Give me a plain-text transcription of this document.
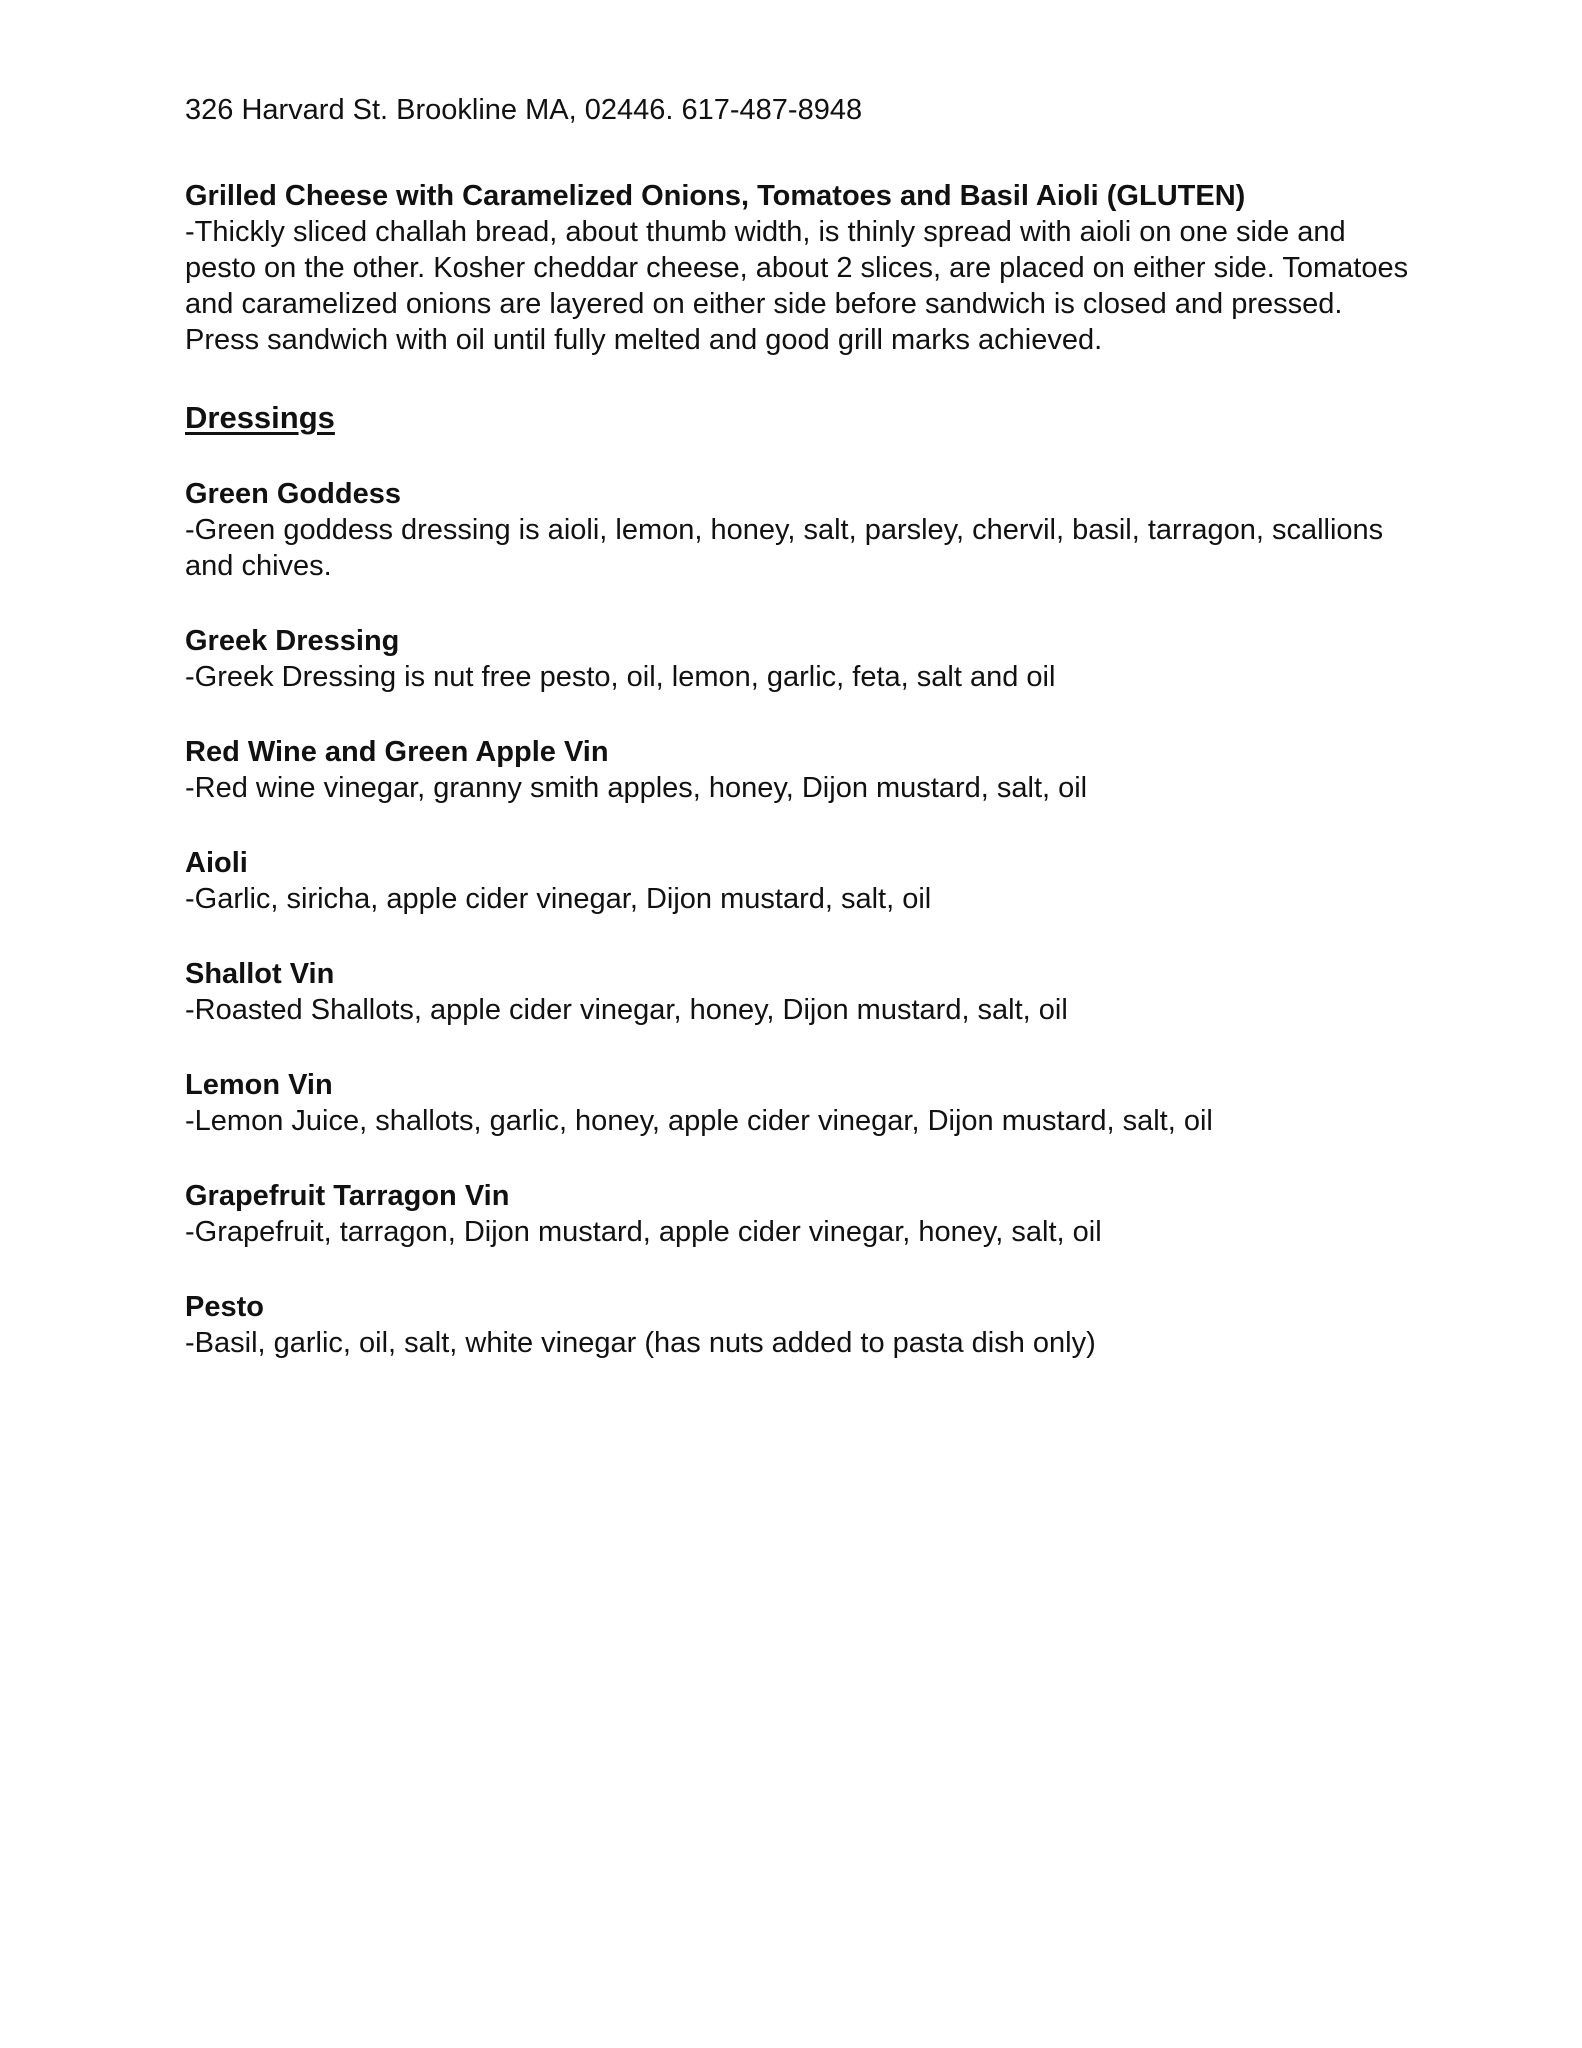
326 Harvard St. Brookline MA, 02446. 617-487-8948

Grilled Cheese with Caramelized Onions, Tomatoes and Basil Aioli (GLUTEN)

-Thickly sliced challah bread, about thumb width, is thinly spread with aioli on one side and pesto on the other. Kosher cheddar cheese, about 2 slices, are placed on either side. Tomatoes and caramelized onions are layered on either side before sandwich is closed and pressed. Press sandwich with oil until fully melted and good grill marks achieved.

Dressings

Green Goddess

-Green goddess dressing is aioli, lemon, honey, salt, parsley, chervil, basil, tarragon, scallions and chives.

Greek Dressing

-Greek Dressing is nut free pesto, oil, lemon, garlic, feta, salt and oil

Red Wine and Green Apple Vin

-Red wine vinegar, granny smith apples, honey, Dijon mustard, salt, oil

Aioli

-Garlic, siricha, apple cider vinegar, Dijon mustard, salt, oil

Shallot Vin

-Roasted Shallots, apple cider vinegar, honey, Dijon mustard, salt, oil

Lemon Vin

-Lemon Juice, shallots, garlic, honey, apple cider vinegar, Dijon mustard, salt, oil

Grapefruit Tarragon Vin

-Grapefruit, tarragon, Dijon mustard, apple cider vinegar, honey, salt, oil

Pesto

-Basil, garlic, oil, salt, white vinegar (has nuts added to pasta dish only)
